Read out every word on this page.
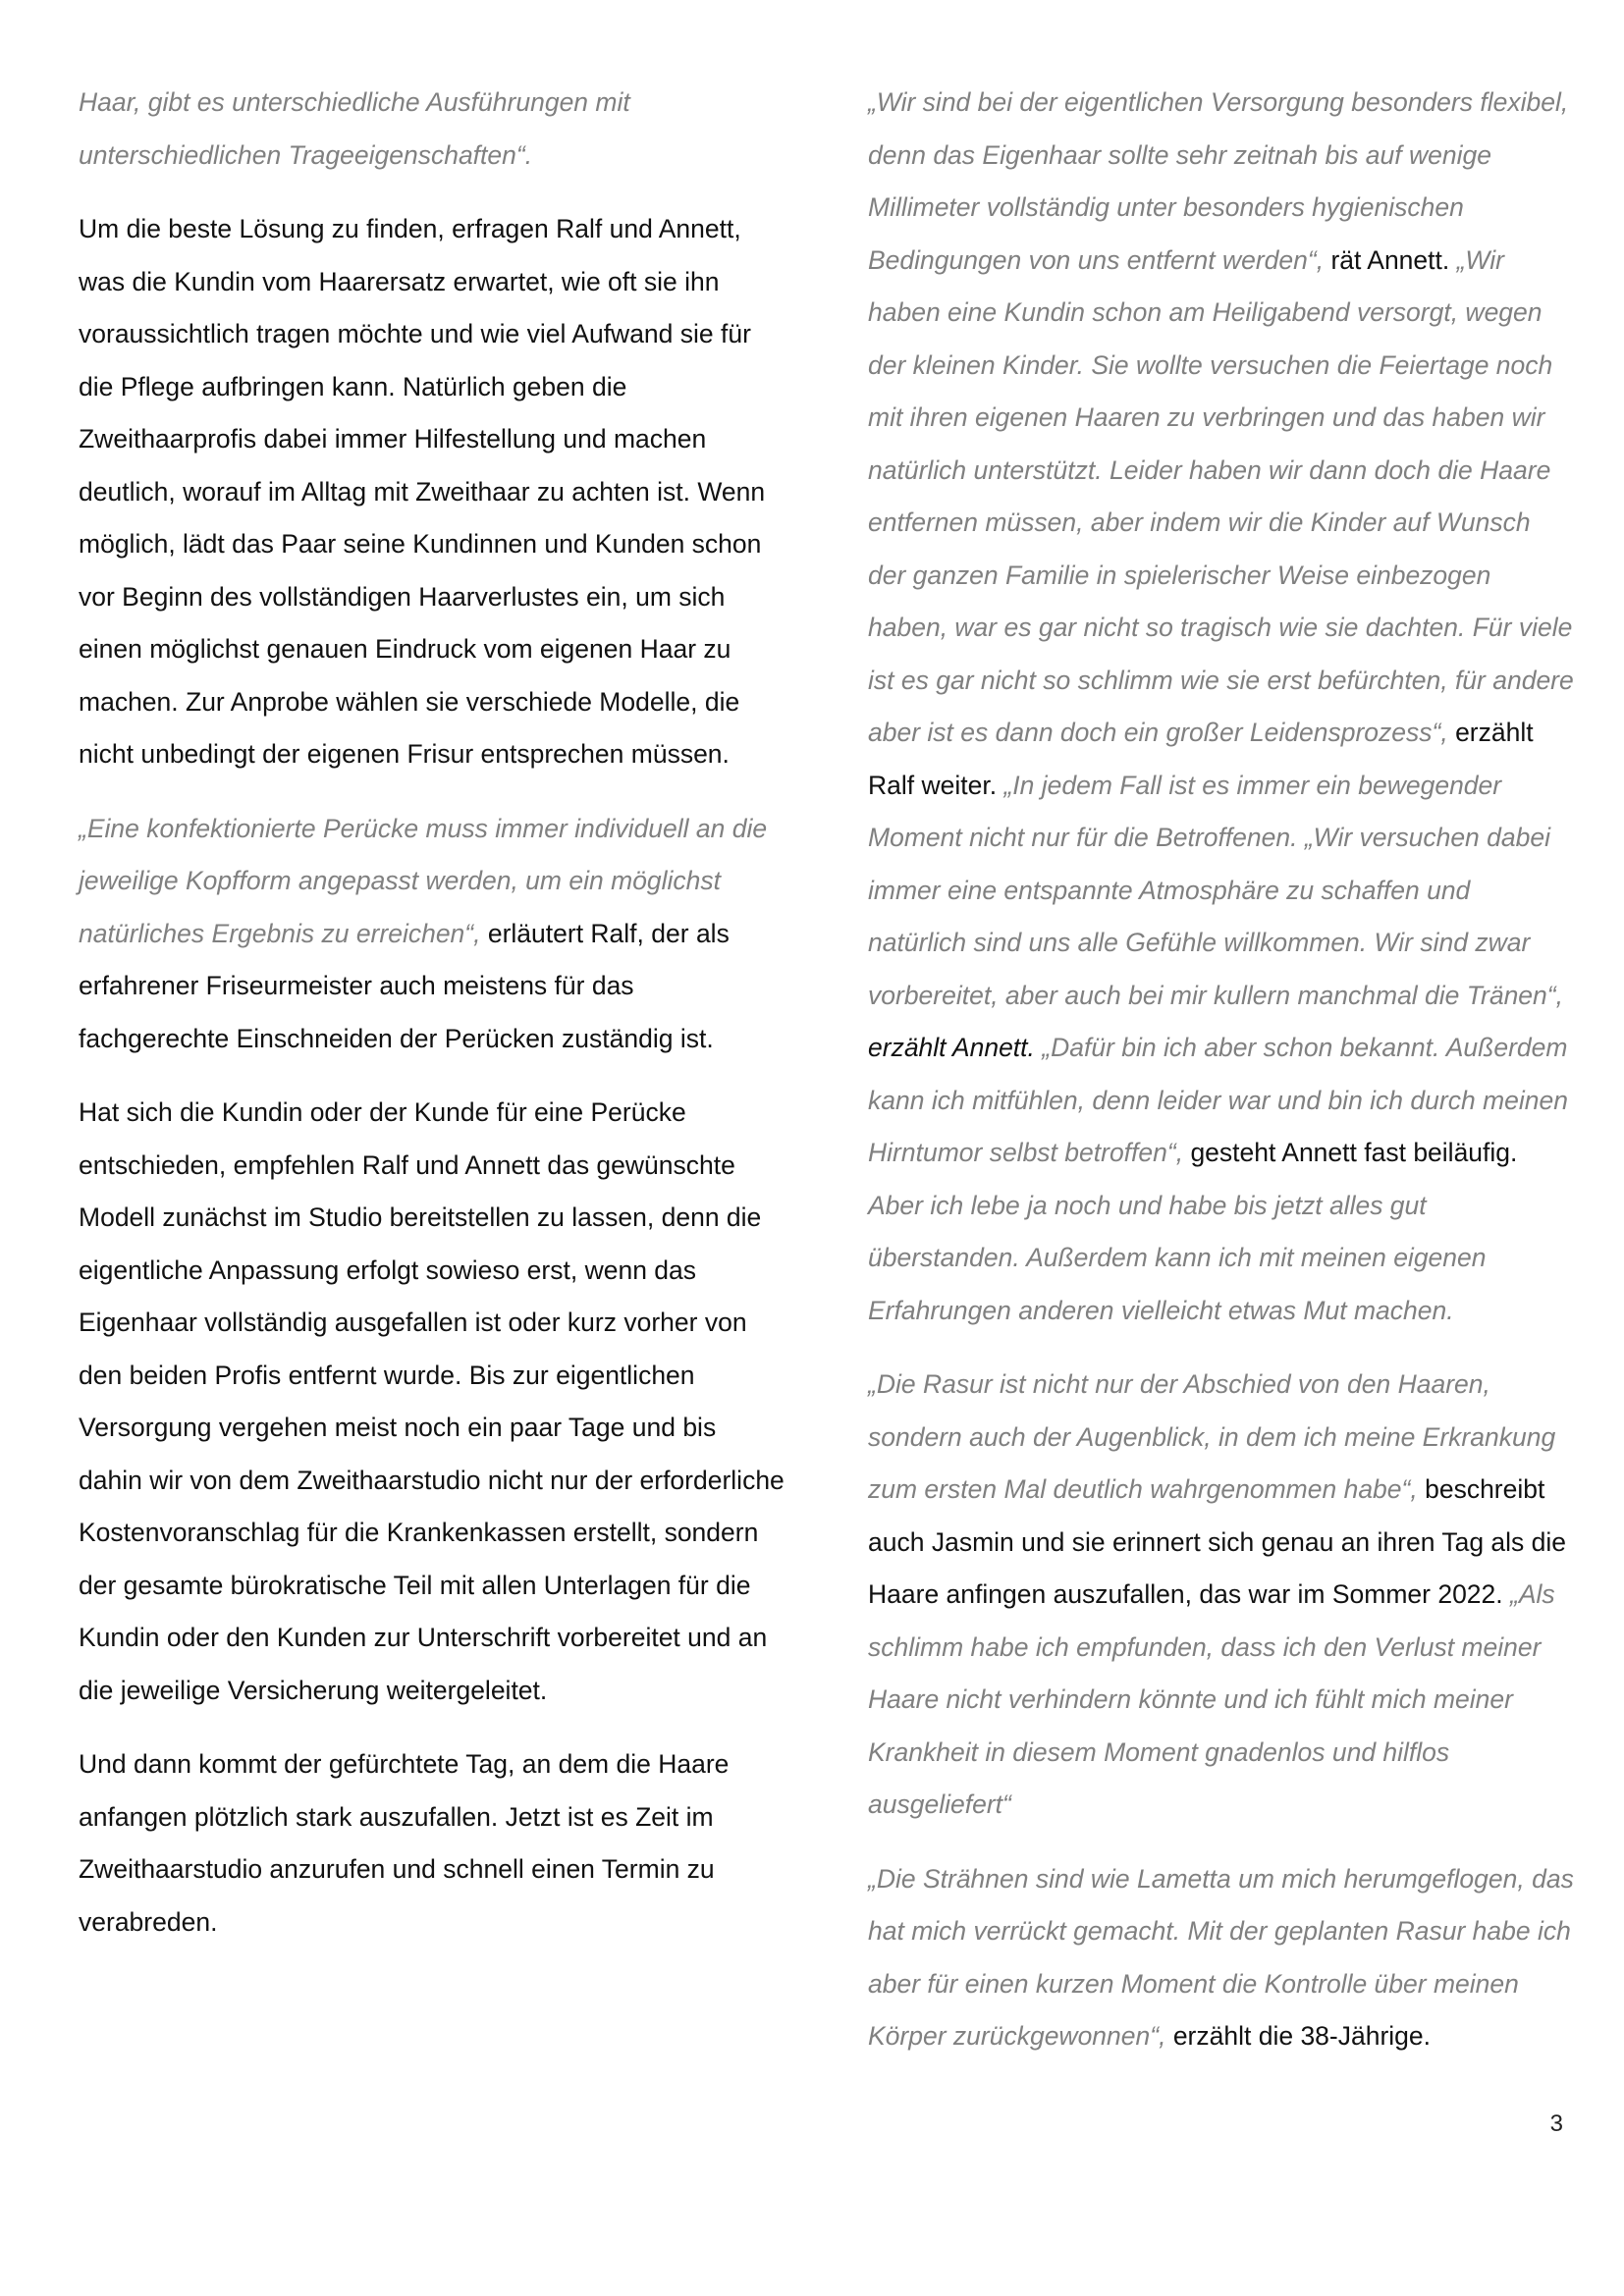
Haar, gibt es unterschiedliche Ausführungen mit unterschiedlichen Trageeigenschaften“.

Um die beste Lösung zu finden, erfragen Ralf und Annett, was die Kundin vom Haarersatz erwartet, wie oft sie ihn voraussichtlich tragen möchte und wie viel Aufwand sie für die Pflege aufbringen kann. Natürlich geben die Zweithaarprofis dabei immer Hilfestellung und machen deutlich, worauf im Alltag mit Zweithaar zu achten ist. Wenn möglich, lädt das Paar seine Kundinnen und Kunden schon vor Beginn des vollständigen Haarverlustes ein, um sich einen möglichst genauen Eindruck vom eigenen Haar zu machen. Zur Anprobe wählen sie verschiede Modelle, die nicht unbedingt der eigenen Frisur entsprechen müssen.

„Eine konfektionierte Perücke muss immer individuell an die jeweilige Kopfform angepasst werden, um ein möglichst natürliches Ergebnis zu erreichen“, erläutert Ralf, der als erfahrener Friseurmeister auch meistens für das fachgerechte Einschneiden der Perücken zuständig ist.

Hat sich die Kundin oder der Kunde für eine Perücke entschieden, empfehlen Ralf und Annett das gewünschte Modell zunächst im Studio bereitstellen zu lassen, denn die eigentliche Anpassung erfolgt sowieso erst, wenn das Eigenhaar vollständig ausgefallen ist oder kurz vorher von den beiden Profis entfernt wurde. Bis zur eigentlichen Versorgung vergehen meist noch ein paar Tage und bis dahin wir von dem Zweithaarstudio nicht nur der erforderliche Kostenvoranschlag für die Krankenkassen erstellt, sondern der gesamte bürokratische Teil mit allen Unterlagen für die Kundin oder den Kunden zur Unterschrift vorbereitet und an die jeweilige Versicherung weitergeleitet.

Und dann kommt der gefürchtete Tag, an dem die Haare anfangen plötzlich stark auszufallen. Jetzt ist es Zeit im Zweithaarstudio anzurufen und schnell einen Termin zu verabreden.

„Wir sind bei der eigentlichen Versorgung besonders flexibel, denn das Eigenhaar sollte sehr zeitnah bis auf wenige Millimeter vollständig unter besonders hygienischen Bedingungen von uns entfernt werden“, rät Annett. „Wir haben eine Kundin schon am Heiligabend versorgt, wegen der kleinen Kinder. Sie wollte versuchen die Feiertage noch mit ihren eigenen Haaren zu verbringen und das haben wir natürlich unterstützt. Leider haben wir dann doch die Haare entfernen müssen, aber indem wir die Kinder auf Wunsch der ganzen Familie in spielerischer Weise einbezogen haben, war es gar nicht so tragisch wie sie dachten. Für viele ist es gar nicht so schlimm wie sie erst befürchten, für andere aber ist es dann doch ein großer Leidensprozess“, erzählt Ralf weiter. „In jedem Fall ist es immer ein bewegender Moment nicht nur für die Betroffenen. „Wir versuchen dabei immer eine entspannte Atmosphäre zu schaffen und natürlich sind uns alle Gefühle willkommen. Wir sind zwar vorbereitet, aber auch bei mir kullern manchmal die Tränen“, erzählt Annett. „Dafür bin ich aber schon bekannt. Außerdem kann ich mitfühlen, denn leider war und bin ich durch meinen Hirntumor selbst betroffen“, gesteht Annett fast beiläufig. Aber ich lebe ja noch und habe bis jetzt alles gut überstanden. Außerdem kann ich mit meinen eigenen Erfahrungen anderen vielleicht etwas Mut machen.

„Die Rasur ist nicht nur der Abschied von den Haaren, sondern auch der Augenblick, in dem ich meine Erkrankung zum ersten Mal deutlich wahrgenommen habe“, beschreibt auch Jasmin und sie erinnert sich genau an ihren Tag als die Haare anfingen auszufallen, das war im Sommer 2022. „Als schlimm habe ich empfunden, dass ich den Verlust meiner Haare nicht verhindern könnte und ich fühlt mich meiner Krankheit in diesem Moment gnadenlos und hilflos ausgeliefert“

„Die Strähnen sind wie Lametta um mich herumgeflogen, das hat mich verrückt gemacht. Mit der geplanten Rasur habe ich aber für einen kurzen Moment die Kontrolle über meinen Körper zurückgewonnen“, erzählt die 38-Jährige.

3
